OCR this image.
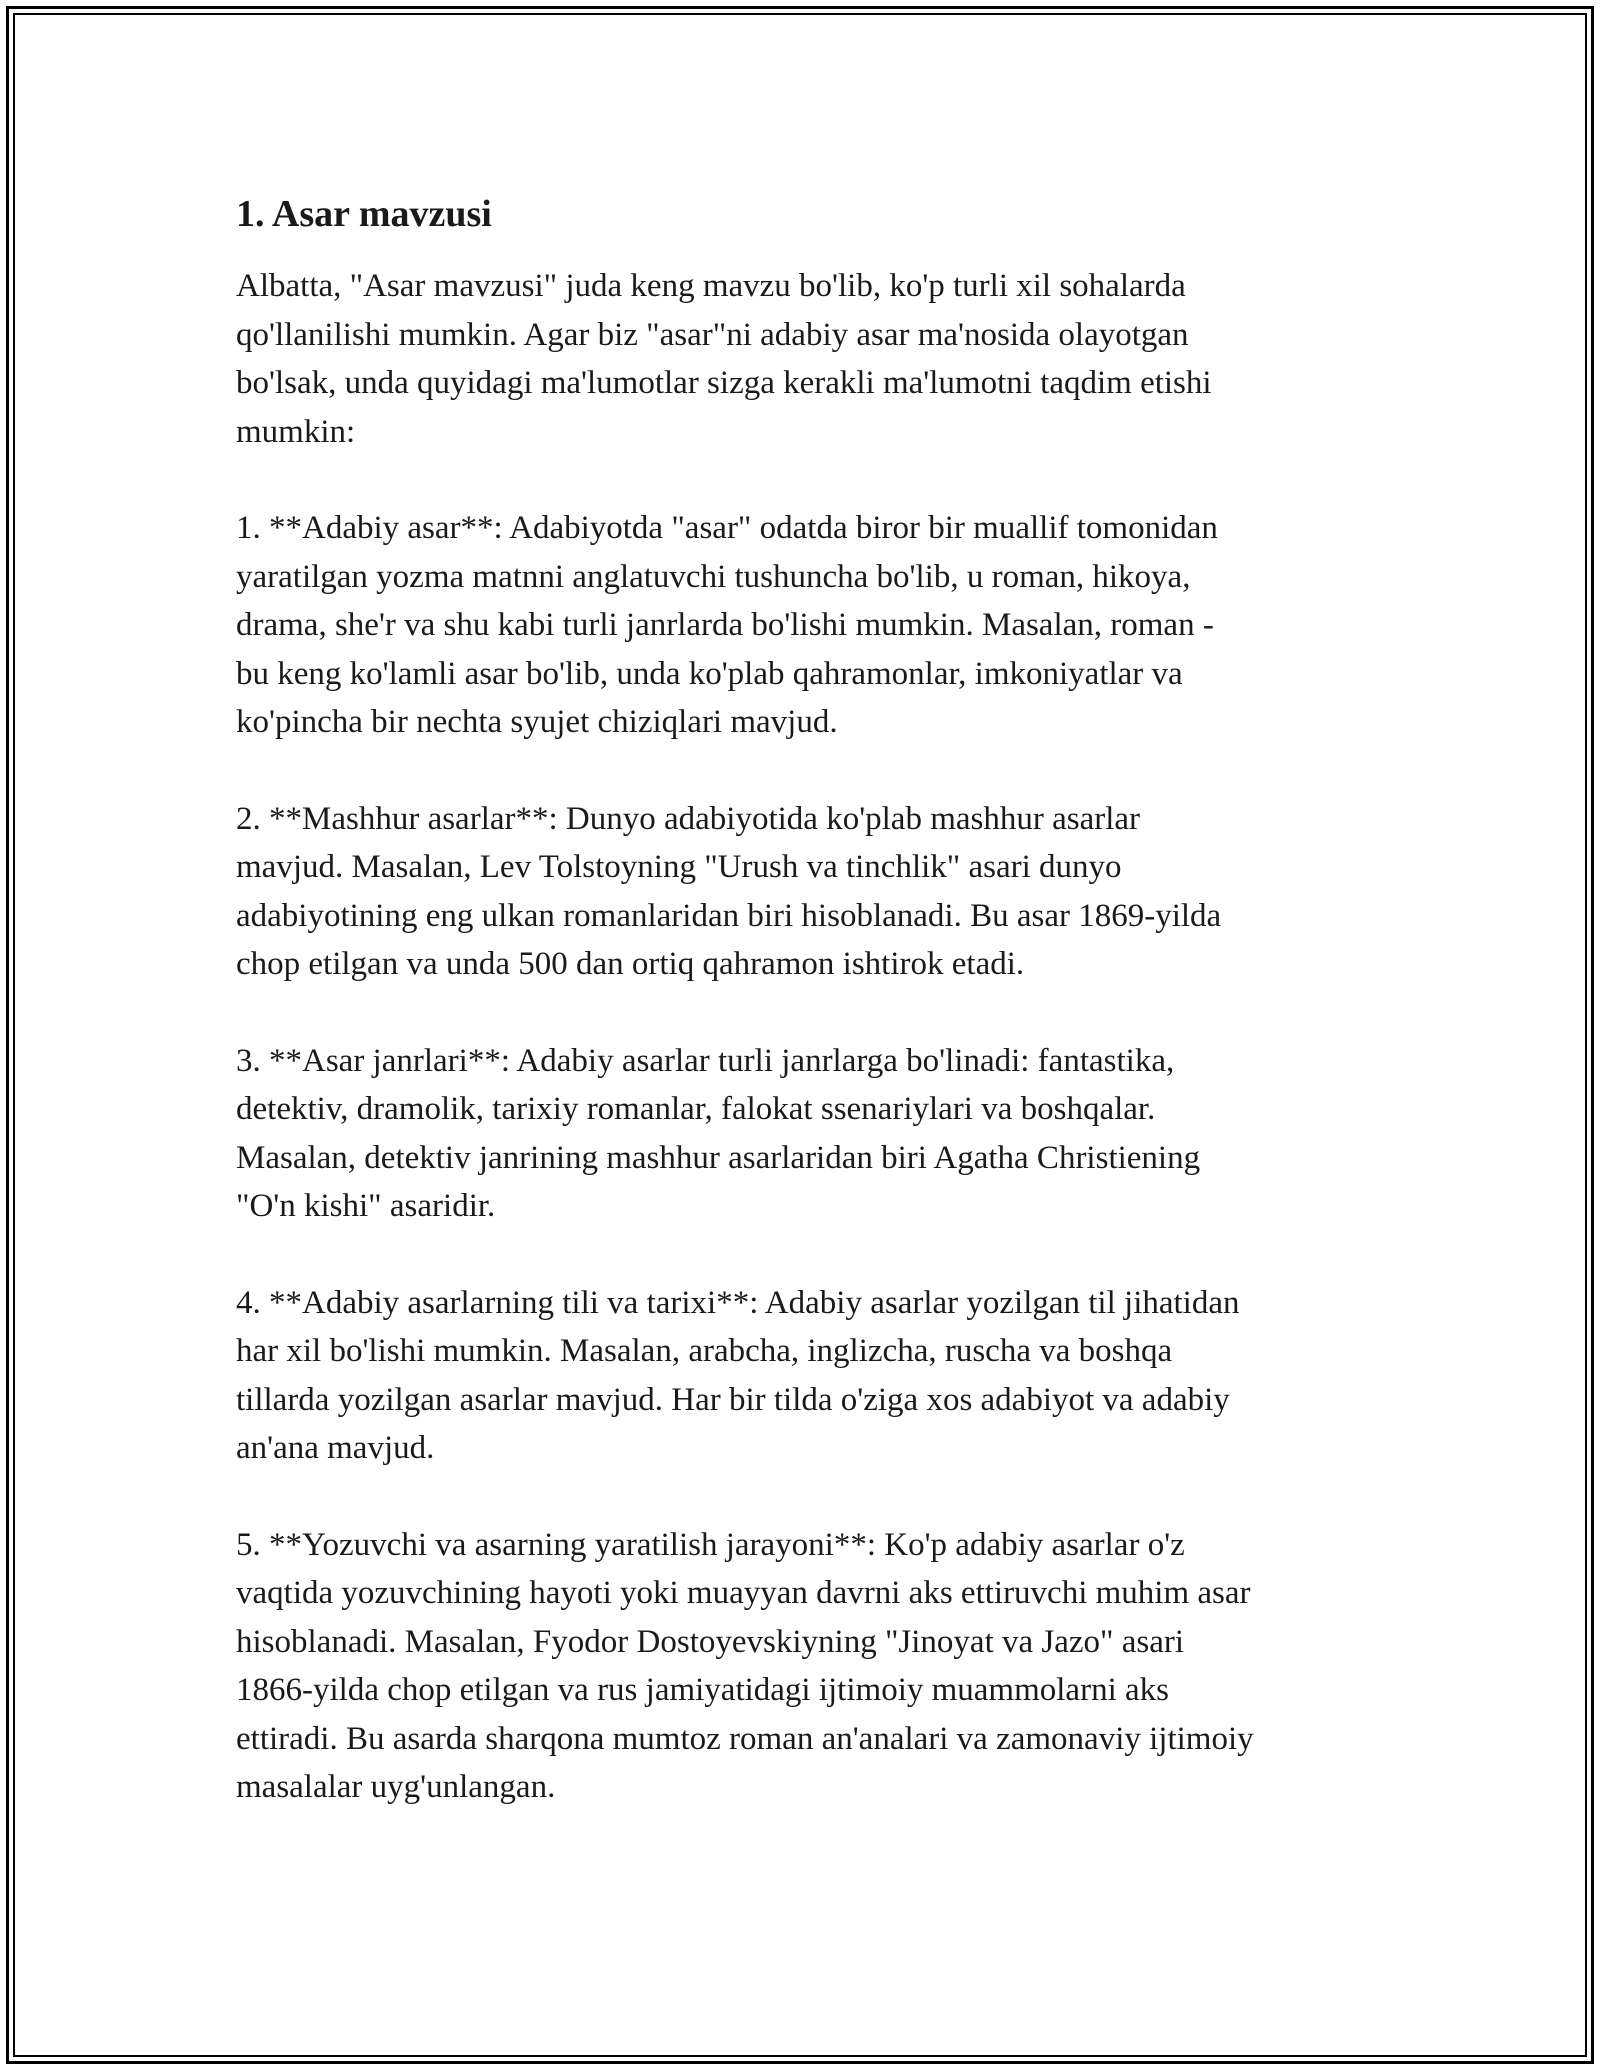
1. Asar mavzusi

Albatta, "Asar mavzusi" juda keng mavzu bo'lib, ko'p turli xil sohalarda
qo'llanilishi mumkin. Agar biz "asar"ni adabiy asar ma'nosida olayotgan
bo'lsak, unda quyidagi ma'lumotlar sizga kerakli ma'lumotni taqdim etishi
mumkin:

1. **Adabiy asar**: Adabiyotda "asar" odatda biror bir muallif tomonidan
yaratilgan yozma matnni anglatuvchi tushuncha bo'lib, u roman, hikoya,
drama, she'r va shu kabi turli janrlarda bo'lishi mumkin. Masalan, roman -
bu keng ko'lamli asar bo'lib, unda ko'plab qahramonlar, imkoniyatlar va
ko'pincha bir nechta syujet chiziqlari mavjud.

2. **Mashhur asarlar**: Dunyo adabiyotida ko'plab mashhur asarlar
mavjud. Masalan, Lev Tolstoyning "Urush va tinchlik" asari dunyo
adabiyotining eng ulkan romanlaridan biri hisoblanadi. Bu asar 1869-yilda
chop etilgan va unda 500 dan ortiq qahramon ishtirok etadi.

3. **Asar janrlari**: Adabiy asarlar turli janrlarga bo'linadi: fantastika,
detektiv, dramolik, tarixiy romanlar, falokat ssenariylari va boshqalar.
Masalan, detektiv janrining mashhur asarlaridan biri Agatha Christiening
"O'n kishi" asaridir.

4. **Adabiy asarlarning tili va tarixi**: Adabiy asarlar yozilgan til jihatidan
har xil bo'lishi mumkin. Masalan, arabcha, inglizcha, ruscha va boshqa
tillarda yozilgan asarlar mavjud. Har bir tilda o'ziga xos adabiyot va adabiy
an'ana mavjud.

5. **Yozuvchi va asarning yaratilish jarayoni**: Ko'p adabiy asarlar o'z
vaqtida yozuvchining hayoti yoki muayyan davrni aks ettiruvchi muhim asar
hisoblanadi. Masalan, Fyodor Dostoyevskiyning "Jinoyat va Jazo" asari
1866-yilda chop etilgan va rus jamiyatidagi ijtimoiy muammolarni aks
ettiradi. Bu asarda sharqona mumtoz roman an'analari va zamonaviy ijtimoiy
masalalar uyg'unlangan.
